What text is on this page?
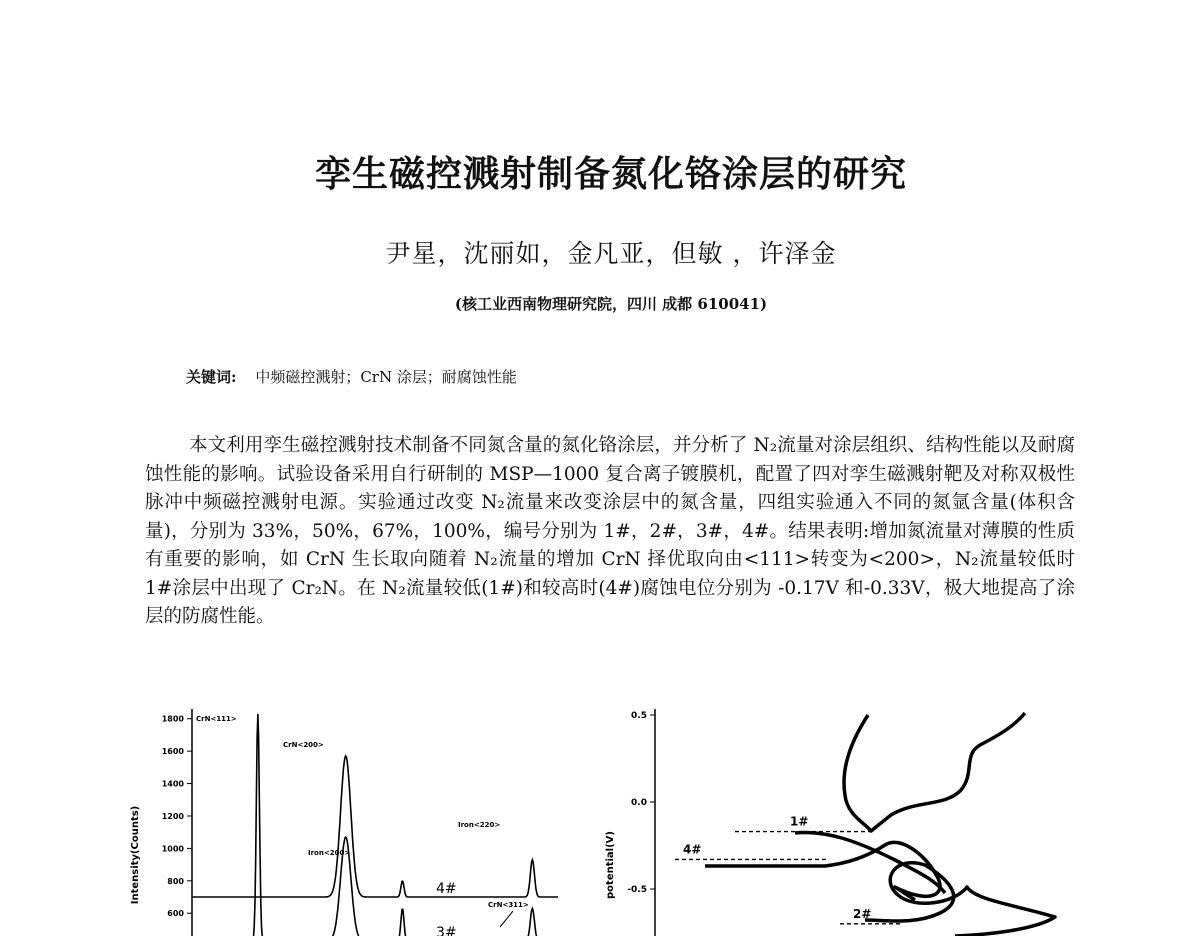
孪生磁控溅射制备氮化铬涂层的研究
尹星，沈丽如，金凡亚，但敏 ，许泽金
(核工业西南物理研究院，四川 成都 610041)
关键词: 中频磁控溅射；CrN 涂层；耐腐蚀性能

本文利用孪生磁控溅射技术制备不同氮含量的氮化铬涂层，并分析了 N₂流量对涂层组织、结构性能以及耐腐蚀性能的影响。试验设备采用自行研制的 MSP—1000 复合离子镀膜机，配置了四对孪生磁溅射靶及对称双极性脉冲中频磁控溅射电源。实验通过改变 N₂流量来改变涂层中的氮含量，四组实验通入不同的氮氩含量(体积含量)，分别为 33%，50%，67%，100%，编号分别为 1#，2#，3#，4#。结果表明:增加氮流量对薄膜的性质有重要的影响，如 CrN 生长取向随着 N₂流量的增加 CrN 择优取向由<111>转变为<200>，N₂流量较低时 1#涂层中出现了 Cr₂N。在 N₂流量较低(1#)和较高时(4#)腐蚀电位分别为 -0.17V 和-0.33V，极大地提高了涂层的防腐性能。

600
800
1000
1200
1400
1600
1800
Intensity(Counts)	4#
3#
CrN<111>
CrN<200>
Iron<200>
Iron<220>
CrN<311>
0.5
0.0
-0.5
potential(V)
1#
4#
2#
